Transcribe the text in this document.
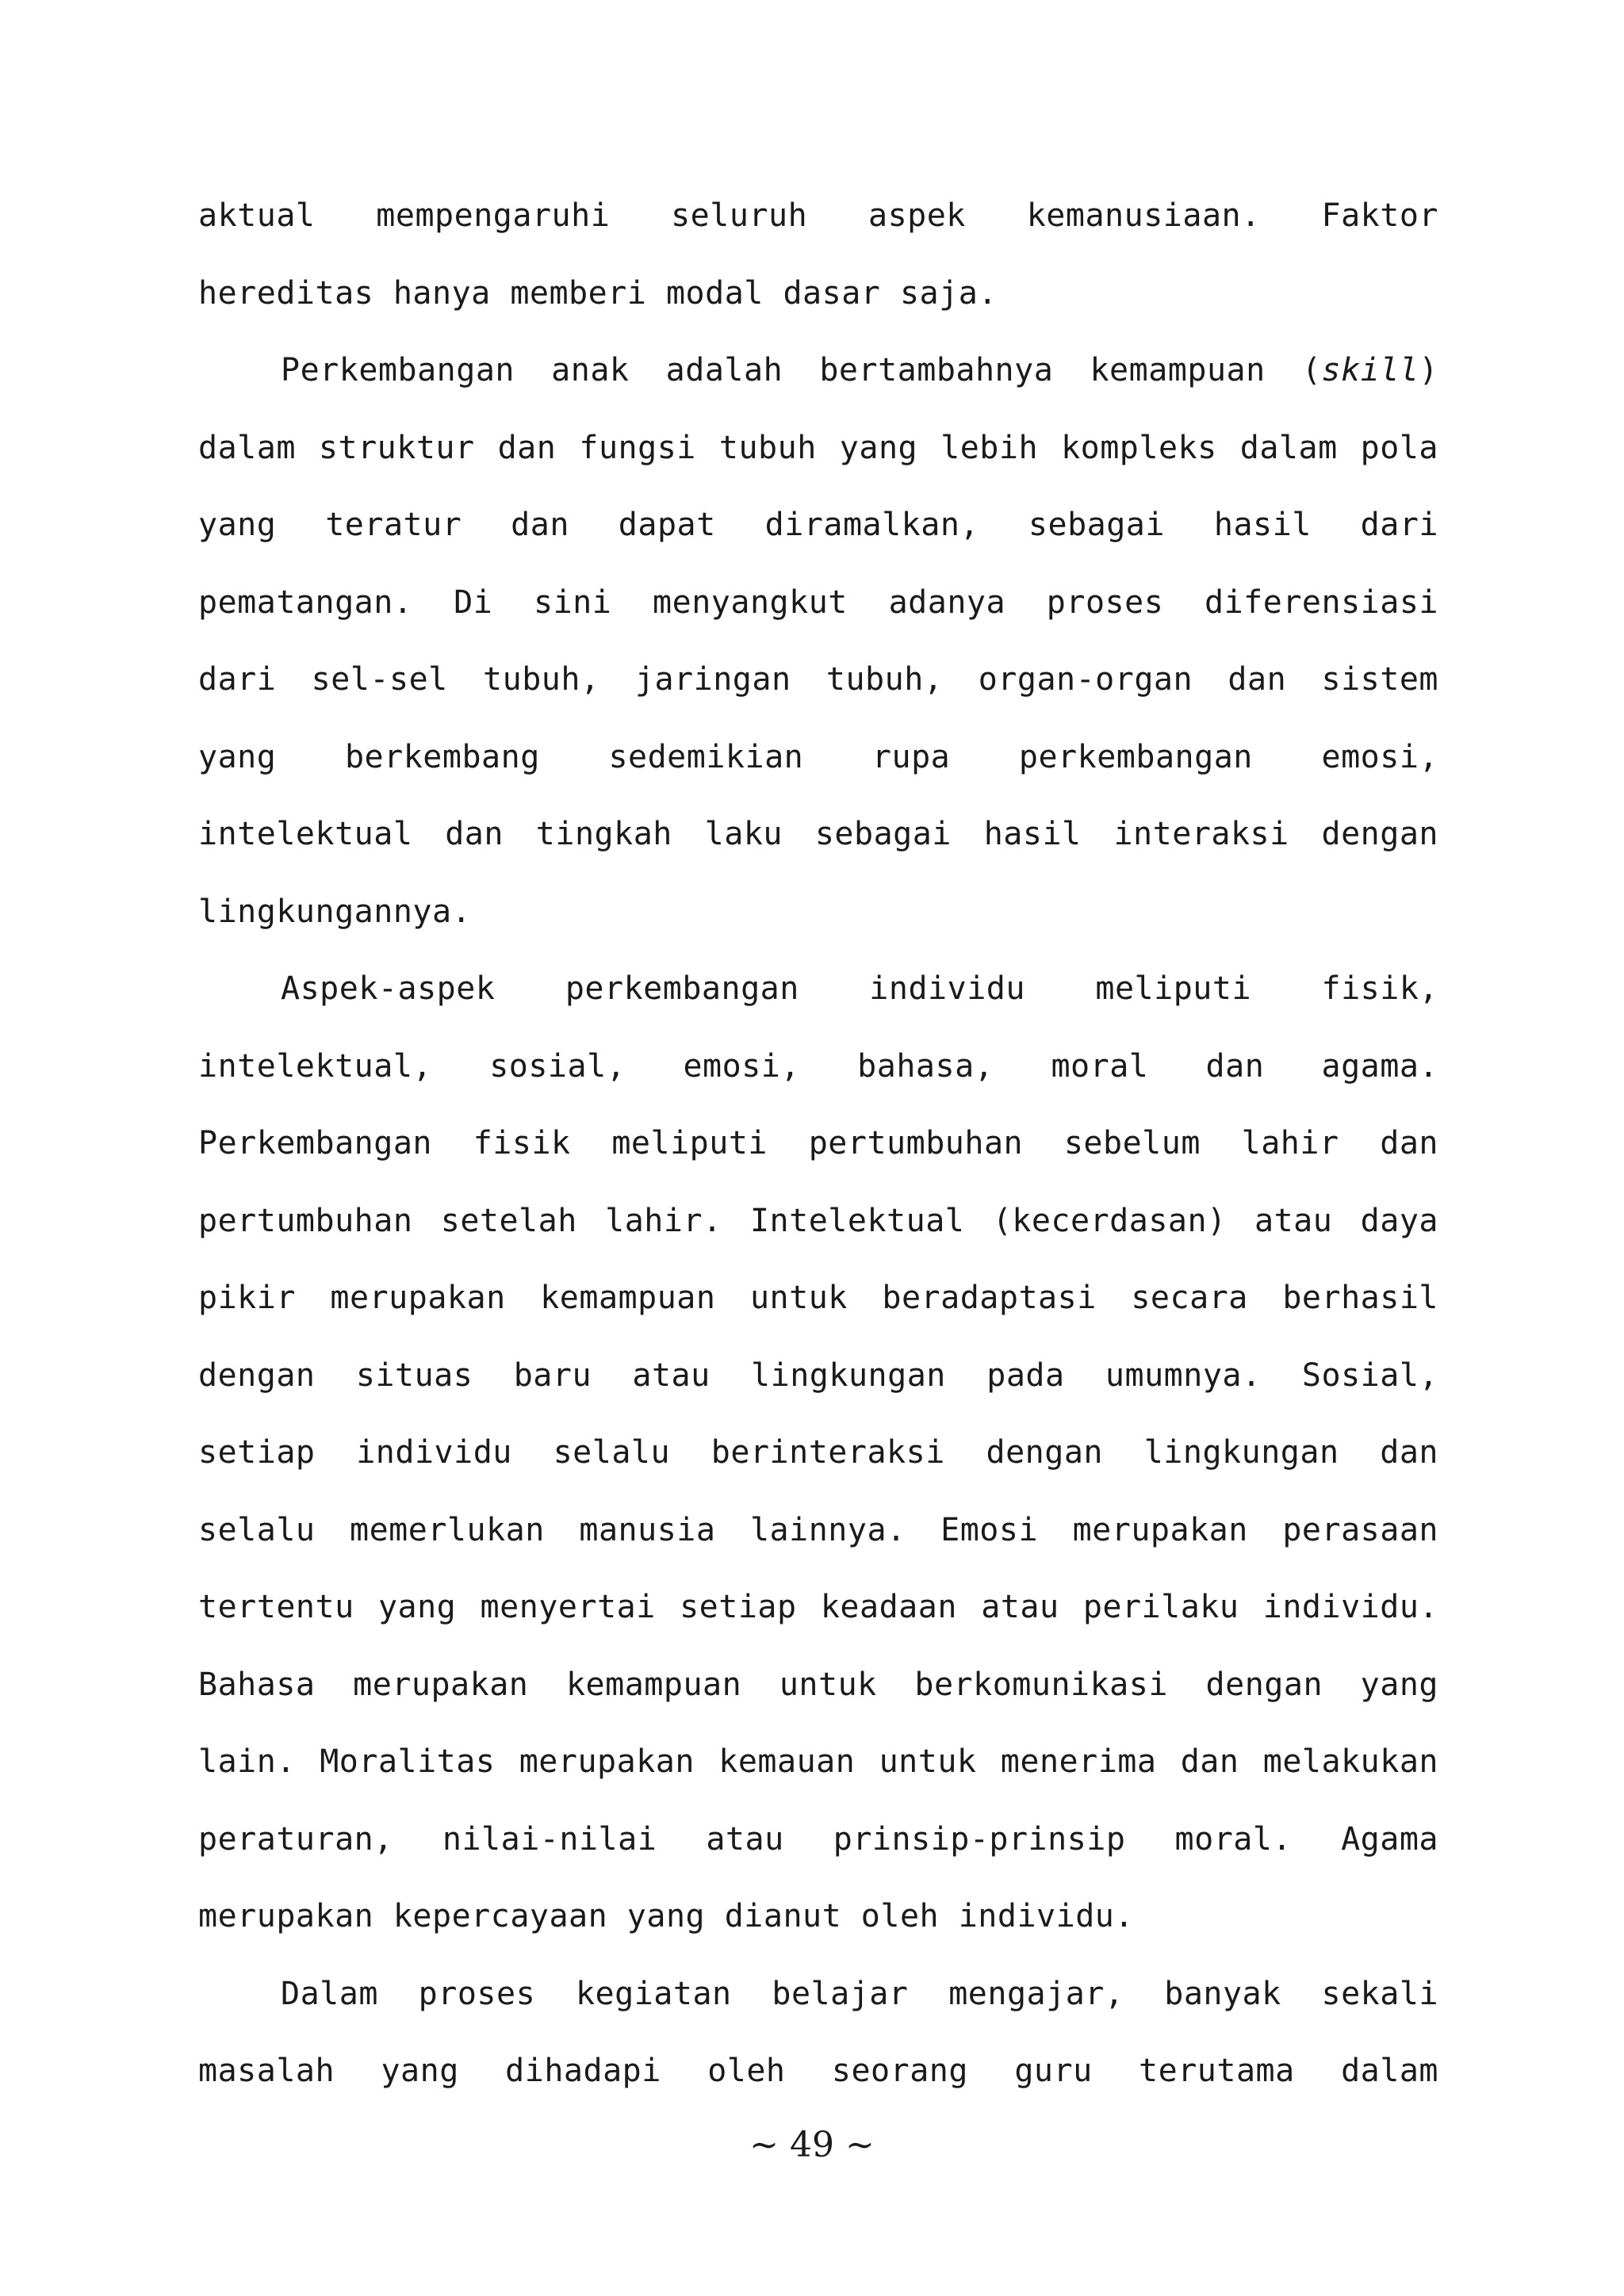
aktual mempengaruhi seluruh aspek kemanusiaan. Faktor
hereditas hanya memberi modal dasar saja.
Perkembangan anak adalah bertambahnya kemampuan (skill)
dalam struktur dan fungsi tubuh yang lebih kompleks dalam pola
yang teratur dan dapat diramalkan, sebagai hasil dari
pematangan. Di sini menyangkut adanya proses diferensiasi
dari sel-sel tubuh, jaringan tubuh, organ-organ dan sistem
yang berkembang sedemikian rupa perkembangan emosi,
intelektual dan tingkah laku sebagai hasil interaksi dengan
lingkungannya.
Aspek-aspek perkembangan individu meliputi fisik,
intelektual, sosial, emosi, bahasa, moral dan agama.
Perkembangan fisik meliputi pertumbuhan sebelum lahir dan
pertumbuhan setelah lahir. Intelektual (kecerdasan) atau daya
pikir merupakan kemampuan untuk beradaptasi secara berhasil
dengan situas baru atau lingkungan pada umumnya. Sosial,
setiap individu selalu berinteraksi dengan lingkungan dan
selalu memerlukan manusia lainnya. Emosi merupakan perasaan
tertentu yang menyertai setiap keadaan atau perilaku individu.
Bahasa merupakan kemampuan untuk berkomunikasi dengan yang
lain. Moralitas merupakan kemauan untuk menerima dan melakukan
peraturan, nilai-nilai atau prinsip-prinsip moral. Agama
merupakan kepercayaan yang dianut oleh individu.
Dalam proses kegiatan belajar mengajar, banyak sekali
masalah yang dihadapi oleh seorang guru terutama dalam
~ 49 ~
